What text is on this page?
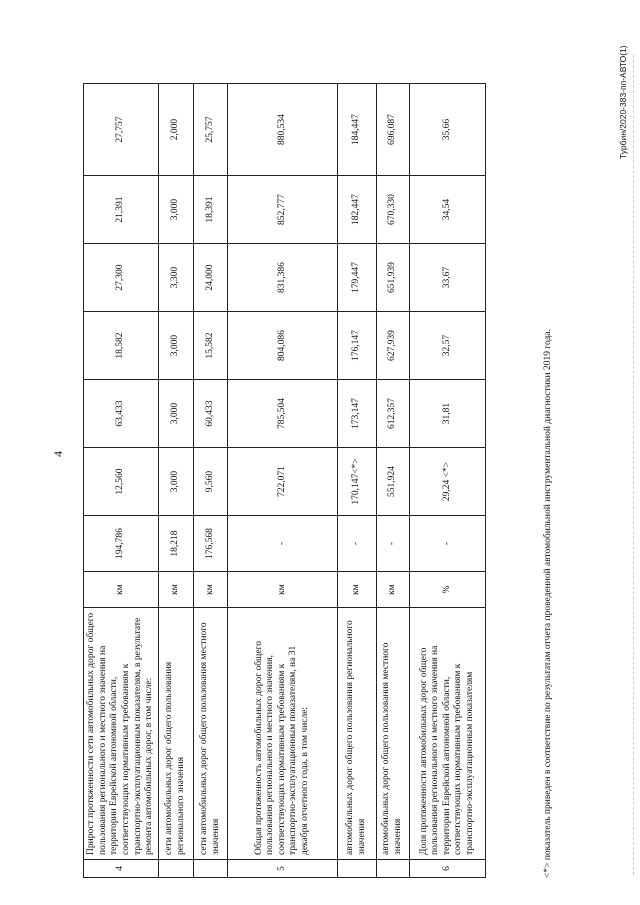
4
4	Прирост протяженности сети автомобильных дорог общего пользования регионального и местного значения на территории Еврейской автономной области, соответствующих нормативным требованиям к транспортно-эксплуатационным показателям, в результате ремонта автомобильных дорог, в том числе:	км	194,786	12,560	63,433	18,582	27,300	21,391	27,757
	сети автомобильных дорог общего пользования регионального значения	км	18,218	3,000	3,000	3,000	3,300	3,000	2,000
	сети автомобильных дорог общего пользования местного значения	км	176,568	9,560	60,433	15,582	24,000	18,391	25,757
5	Общая протяженность автомобильных дорог общего пользования регионального и местного значения, соответствующих нормативным требованиям к транспортно-эксплуатационным показателям, на 31 декабря отчетного года, в том числе:	км	-	722,071	785,504	804,086	831,386	852,777	880,534
	автомобильных дорог общего пользования регионального значения	км	-	170,147<*>	173,147	176,147	179,447	182,447	184,447
	автомобильных дорог общего пользования местного значения	км	-	551,924	612,357	627,939	651,939	670,330	696,087
6	Доля протяженности автомобильных дорог общего пользования регионального и местного значения на территории Еврейской автономной области, соответствующих нормативным требованиям к транспортно-эксплуатационным показателям	%	-	29,24 <*>	31,81	32,57	33,67	34,54	35,66
<*> показатель приведен в соответствие по результатам отчета проведенной автомобильной инструментальной диагностики 2019 года.
Турбин/2020-383-пп-АВТО(1)
